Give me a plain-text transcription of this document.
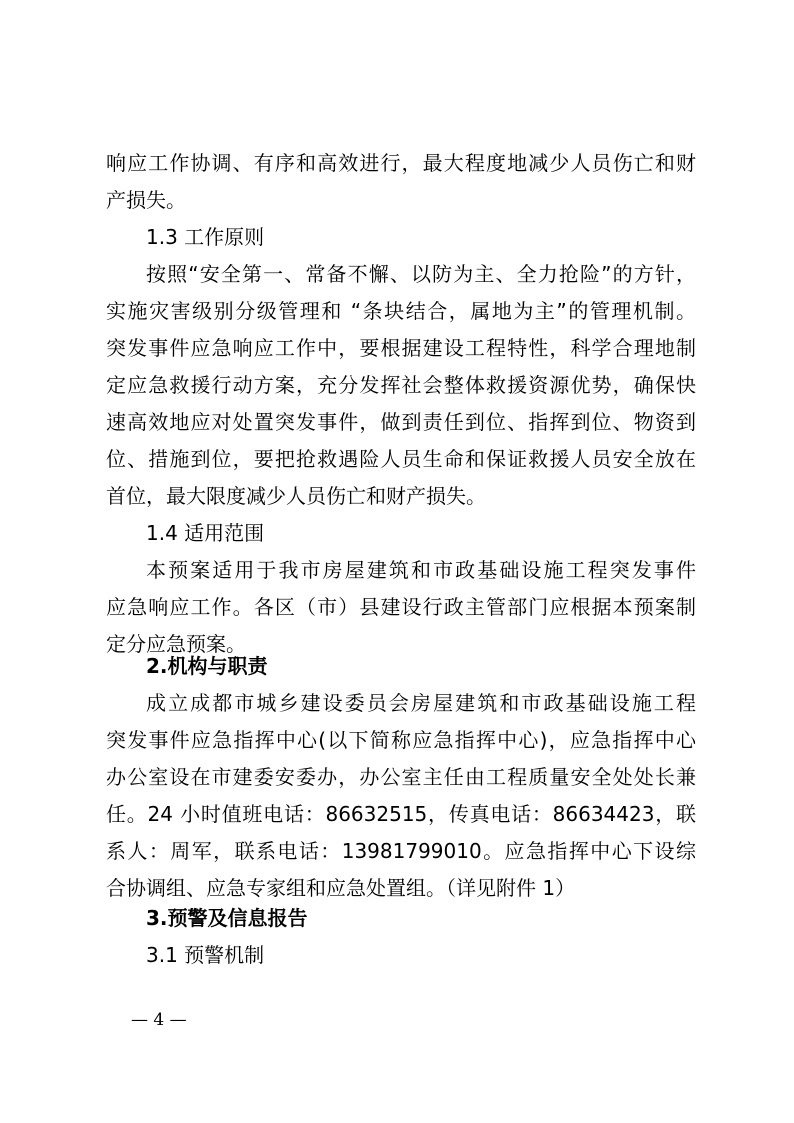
响应工作协调、有序和高效进行，最大程度地减少人员伤亡和财
产损失。

1.3 工作原则

按照“安全第一、常备不懈、以防为主、全力抢险”的方针，
实施灾害级别分级管理和 “条块结合，属地为主”的管理机制。
突发事件应急响应工作中，要根据建设工程特性，科学合理地制
定应急救援行动方案，充分发挥社会整体救援资源优势，确保快
速高效地应对处置突发事件，做到责任到位、指挥到位、物资到
位、措施到位，要把抢救遇险人员生命和保证救援人员安全放在
首位，最大限度减少人员伤亡和财产损失。

1.4 适用范围

本预案适用于我市房屋建筑和市政基础设施工程突发事件
应急响应工作。各区（市）县建设行政主管部门应根据本预案制
定分应急预案。

2.机构与职责

成立成都市城乡建设委员会房屋建筑和市政基础设施工程
突发事件应急指挥中心(以下简称应急指挥中心)，应急指挥中心
办公室设在市建委安委办，办公室主任由工程质量安全处处长兼
任。24 小时值班电话：86632515，传真电话：86634423，联
系人：周军，联系电话：13981799010。应急指挥中心下设综
合协调组、应急专家组和应急处置组。（详见附件 1）

3.预警及信息报告

3.1 预警机制

— 4 —
